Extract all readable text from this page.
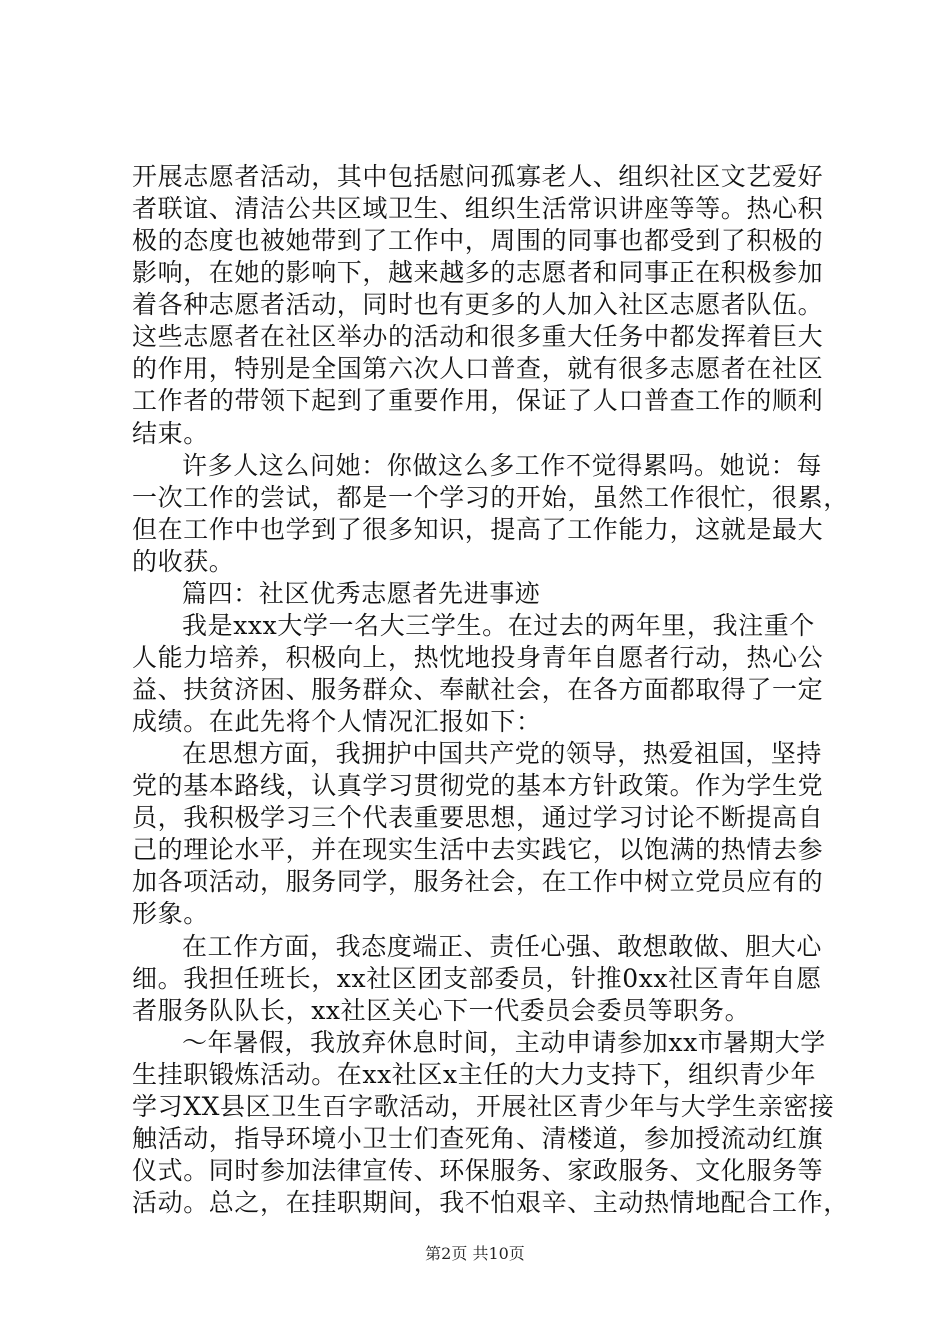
开展志愿者活动，其中包括慰问孤寡老人、组织社区文艺爱好
者联谊、清洁公共区域卫生、组织生活常识讲座等等。热心积
极的态度也被她带到了工作中，周围的同事也都受到了积极的
影响，在她的影响下，越来越多的志愿者和同事正在积极参加
着各种志愿者活动，同时也有更多的人加入社区志愿者队伍。
这些志愿者在社区举办的活动和很多重大任务中都发挥着巨大
的作用，特别是全国第六次人口普查，就有很多志愿者在社区
工作者的带领下起到了重要作用，保证了人口普查工作的顺利
结束。
许多人这么问她：你做这么多工作不觉得累吗。她说：每
一次工作的尝试，都是一个学习的开始，虽然工作很忙，很累，
但在工作中也学到了很多知识，提高了工作能力，这就是最大
的收获。
篇四：社区优秀志愿者先进事迹
我是xxx大学一名大三学生。在过去的两年里，我注重个
人能力培养，积极向上，热忱地投身青年自愿者行动，热心公
益、扶贫济困、服务群众、奉献社会，在各方面都取得了一定
成绩。在此先将个人情况汇报如下：
在思想方面，我拥护中国共产党的领导，热爱祖国，坚持
党的基本路线，认真学习贯彻党的基本方针政策。作为学生党
员，我积极学习三个代表重要思想，通过学习讨论不断提高自
己的理论水平，并在现实生活中去实践它，以饱满的热情去参
加各项活动，服务同学，服务社会，在工作中树立党员应有的
形象。
在工作方面，我态度端正、责任心强、敢想敢做、胆大心
细。我担任班长，xx社区团支部委员，针推0xx社区青年自愿
者服务队队长，xx社区关心下一代委员会委员等职务。
～年暑假，我放弃休息时间，主动申请参加xx市暑期大学
生挂职锻炼活动。在xx社区x主任的大力支持下，组织青少年
学习XX县区卫生百字歌活动，开展社区青少年与大学生亲密接
触活动，指导环境小卫士们查死角、清楼道，参加授流动红旗
仪式。同时参加法律宣传、环保服务、家政服务、文化服务等
活动。总之，在挂职期间，我不怕艰辛、主动热情地配合工作，
第2页 共10页
